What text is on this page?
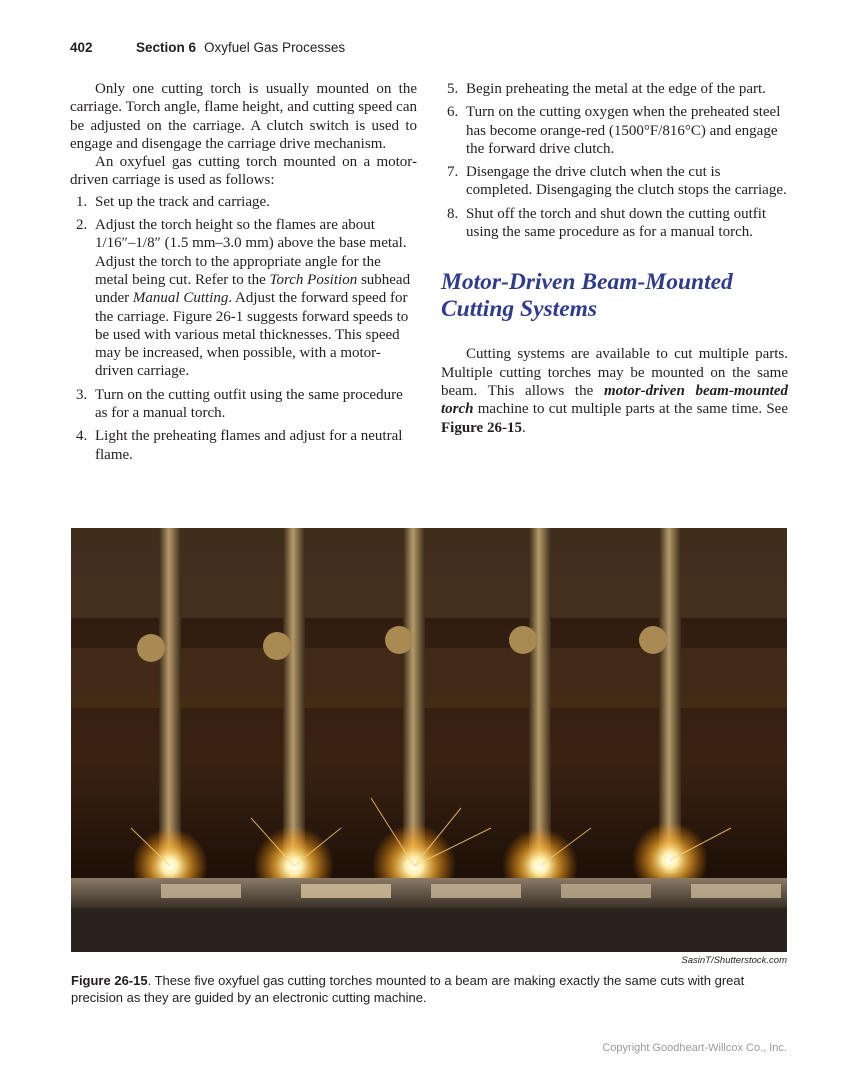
402	Section 6 Oxyfuel Gas Processes

Only one cutting torch is usually mounted on the carriage. Torch angle, flame height, and cutting speed can be adjusted on the carriage. A clutch switch is used to engage and disengage the carriage drive mechanism.

An oxyfuel gas cutting torch mounted on a motor-driven carriage is used as follows:

1. Set up the track and carriage.
2. Adjust the torch height so the flames are about 1/16″–1/8″ (1.5 mm–3.0 mm) above the base metal. Adjust the torch to the appropriate angle for the metal being cut. Refer to the Torch Position subhead under Manual Cutting. Adjust the forward speed for the carriage. Figure 26-1 suggests forward speeds to be used with various metal thicknesses. This speed may be increased, when possible, with a motor-driven carriage.
3. Turn on the cutting outfit using the same procedure as for a manual torch.
4. Light the preheating flames and adjust for a neutral flame.
5. Begin preheating the metal at the edge of the part.
6. Turn on the cutting oxygen when the preheated steel has become orange-red (1500°F/816°C) and engage the forward drive clutch.
7. Disengage the drive clutch when the cut is completed. Disengaging the clutch stops the carriage.
8. Shut off the torch and shut down the cutting outfit using the same procedure as for a manual torch.
Motor-Driven Beam-Mounted Cutting Systems

Cutting systems are available to cut multiple parts. Multiple cutting torches may be mounted on the same beam. This allows the motor-driven beam-mounted torch machine to cut multiple parts at the same time. See Figure 26-15.

SasinT/Shutterstock.com
Figure 26-15. These five oxyfuel gas cutting torches mounted to a beam are making exactly the same cuts with great precision as they are guided by an electronic cutting machine.
Copyright Goodheart-Willcox Co., Inc.
